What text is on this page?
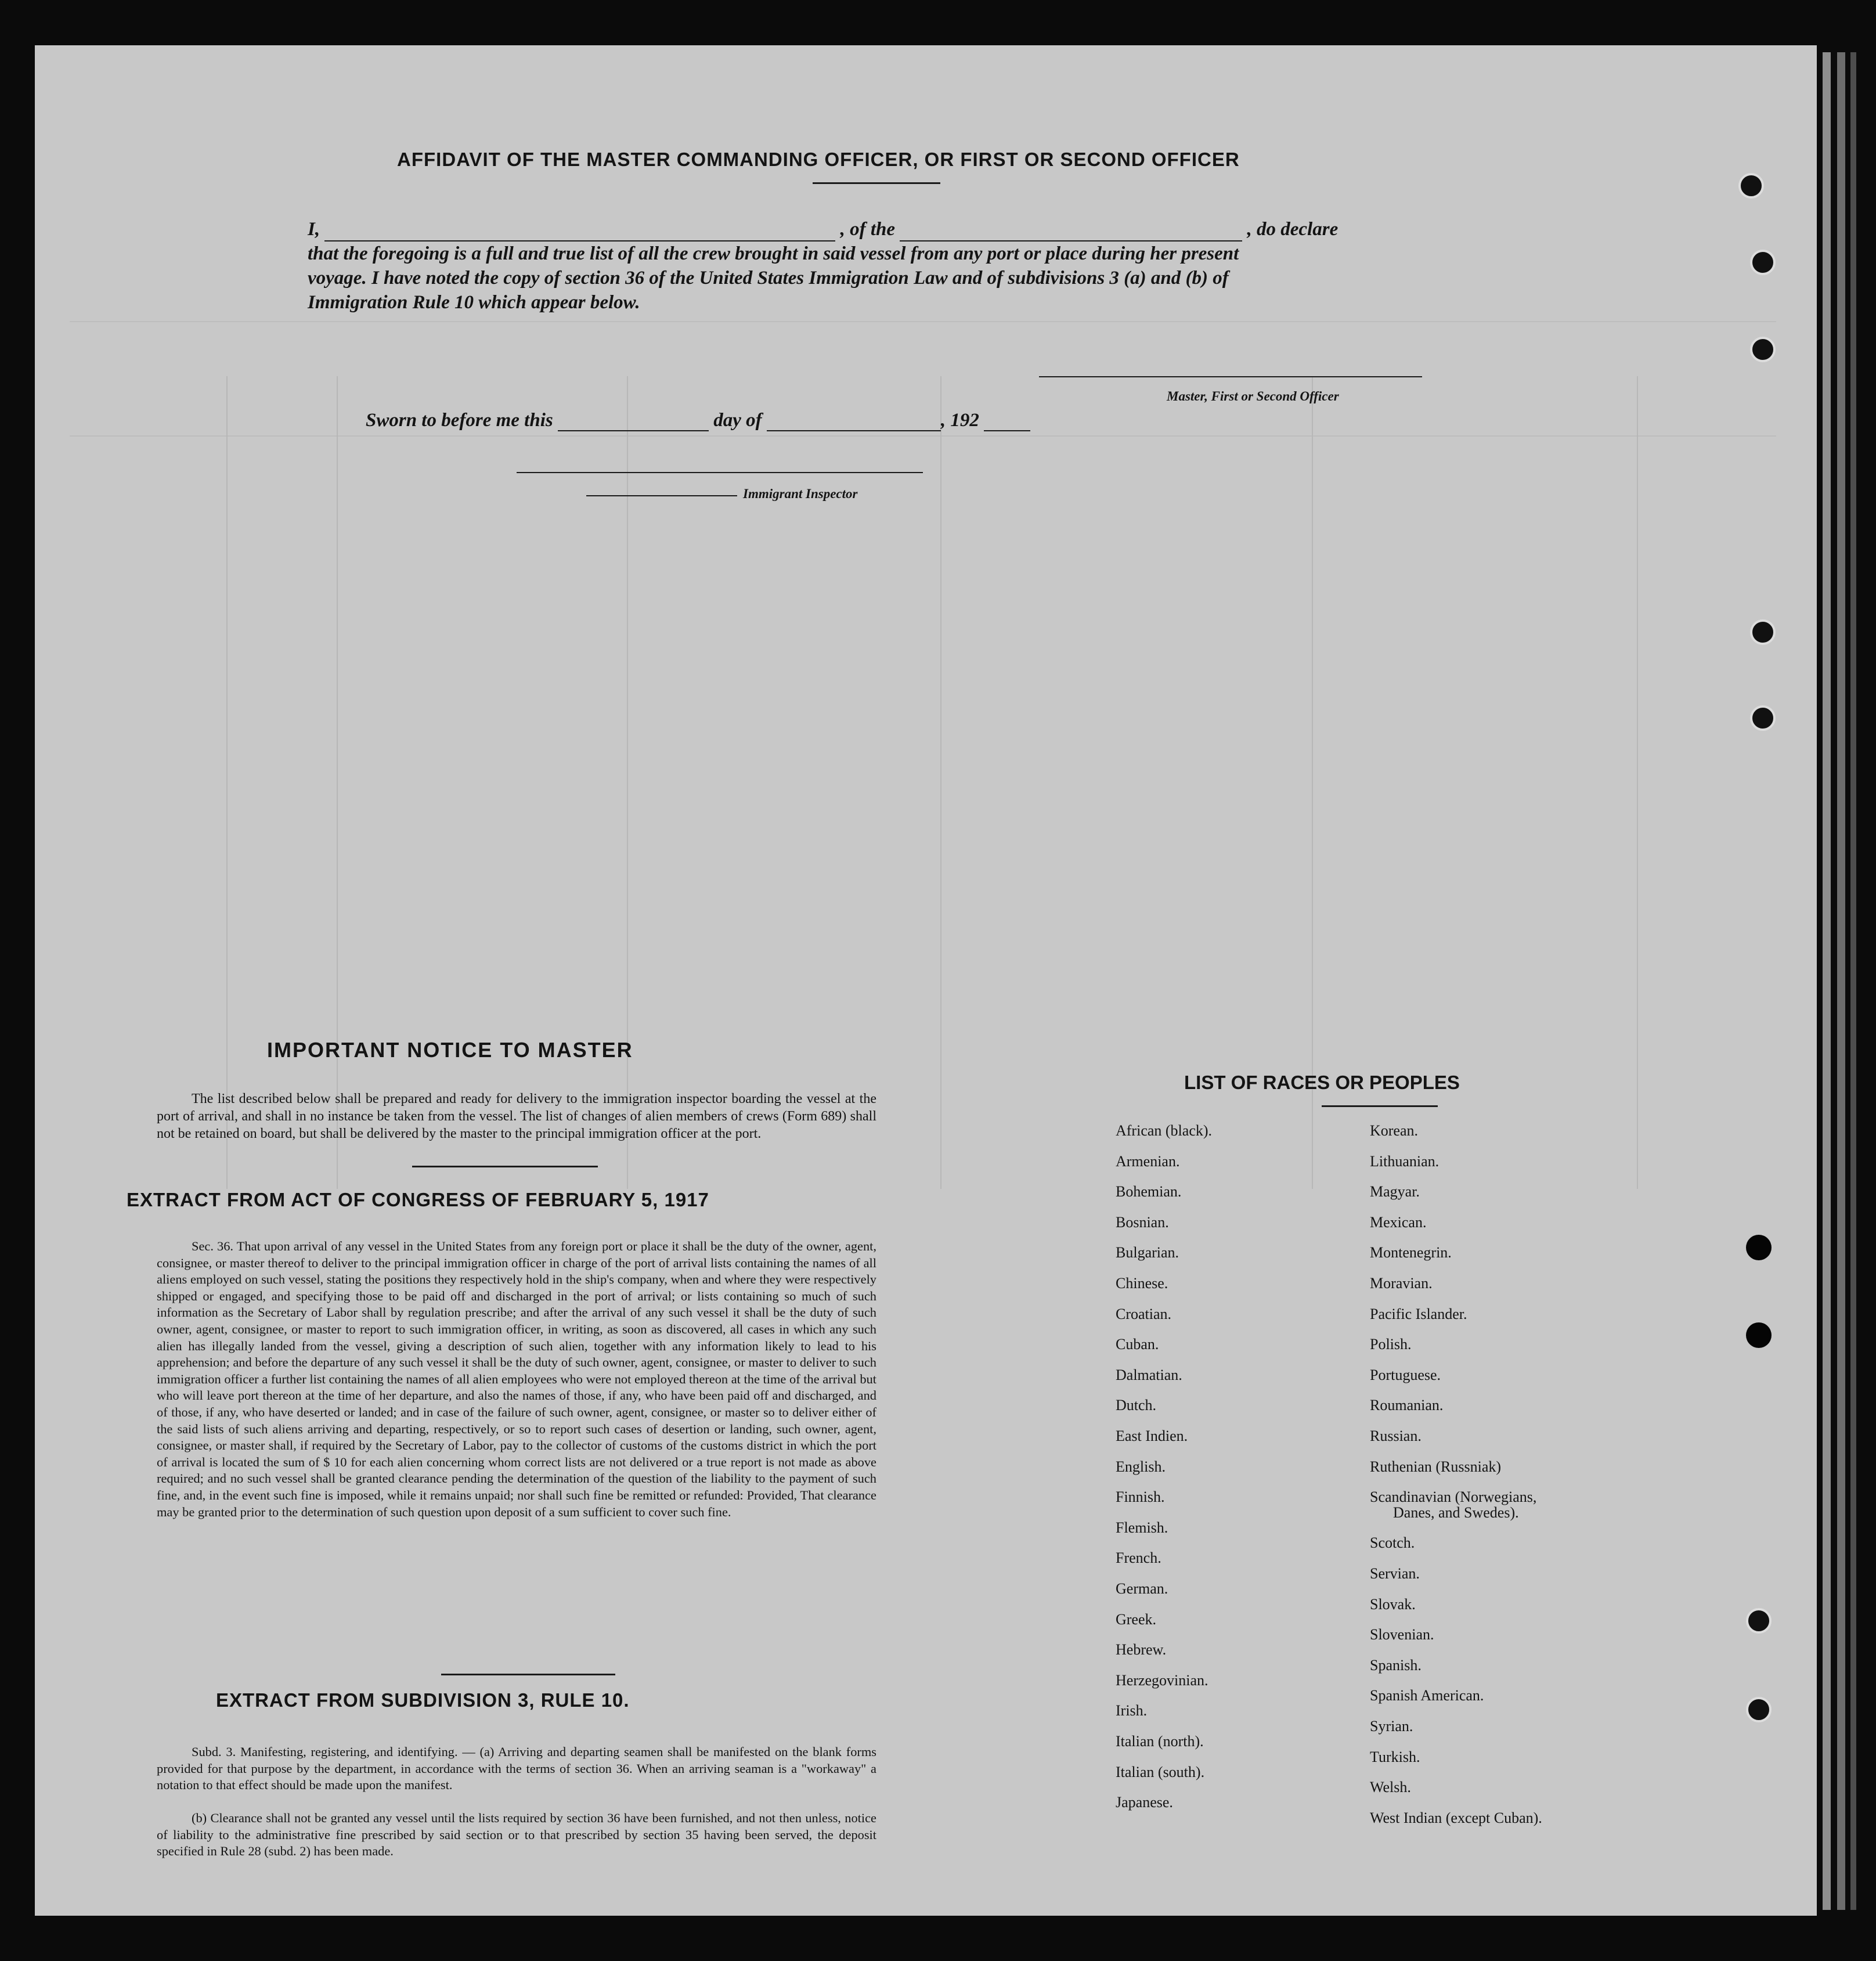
AFFIDAVIT OF THE MASTER COMMANDING OFFICER, OR FIRST OR SECOND OFFICER

I,	, of the	, do declare

that the foregoing is a full and true list of all the crew brought in said vessel from any port or place during her present

voyage. I have noted the copy of section 36 of the United States Immigration Law and of subdivisions 3 (a) and (b) of

Immigration Rule 10 which appear below.

Master, First or Second Officer
Sworn to before me this	day of	, 192
Immigrant Inspector
IMPORTANT NOTICE TO MASTER
The list described below shall be prepared and ready for delivery to the immigration inspector boarding the vessel at the port of arrival, and shall in no instance be taken from the vessel. The list of changes of alien members of crews (Form 689) shall not be retained on board, but shall be delivered by the master to the principal immigration officer at the port.
EXTRACT FROM ACT OF CONGRESS OF FEBRUARY 5, 1917
Sec. 36. That upon arrival of any vessel in the United States from any foreign port or place it shall be the duty of the owner, agent, consignee, or master thereof to deliver to the principal immigration officer in charge of the port of arrival lists containing the names of all aliens employed on such vessel, stating the positions they respectively hold in the ship's company, when and where they were respectively shipped or engaged, and specifying those to be paid off and discharged in the port of arrival; or lists containing so much of such information as the Secretary of Labor shall by regulation prescribe; and after the arrival of any such vessel it shall be the duty of such owner, agent, consignee, or master to report to such immigration officer, in writing, as soon as discovered, all cases in which any such alien has illegally landed from the vessel, giving a description of such alien, together with any information likely to lead to his apprehension; and before the departure of any such vessel it shall be the duty of such owner, agent, consignee, or master to deliver to such immigration officer a further list containing the names of all alien employees who were not employed thereon at the time of the arrival but who will leave port thereon at the time of her departure, and also the names of those, if any, who have been paid off and discharged, and of those, if any, who have deserted or landed; and in case of the failure of such owner, agent, consignee, or master so to deliver either of the said lists of such aliens arriving and departing, respectively, or so to report such cases of desertion or landing, such owner, agent, consignee, or master shall, if required by the Secretary of Labor, pay to the collector of customs of the customs district in which the port of arrival is located the sum of $ 10 for each alien concerning whom correct lists are not delivered or a true report is not made as above required; and no such vessel shall be granted clearance pending the determination of the question of the liability to the payment of such fine, and, in the event such fine is imposed, while it remains unpaid; nor shall such fine be remitted or refunded: Provided, That clearance may be granted prior to the determination of such question upon deposit of a sum sufficient to cover such fine.
EXTRACT FROM SUBDIVISION 3, RULE 10.
Subd. 3. Manifesting, registering, and identifying. — (a) Arriving and departing seamen shall be manifested on the blank forms provided for that purpose by the department, in accordance with the terms of section 36. When an arriving seaman is a "workaway" a notation to that effect should be made upon the manifest.
(b) Clearance shall not be granted any vessel until the lists required by section 36 have been furnished, and not then unless, notice of liability to the administrative fine prescribed by said section or to that prescribed by section 35 having been served, the deposit specified in Rule 28 (subd. 2) has been made.
LIST OF RACES OR PEOPLES
African (black).
Armenian.
Bohemian.
Bosnian.
Bulgarian.
Chinese.
Croatian.
Cuban.
Dalmatian.
Dutch.
East Indien.
English.
Finnish.
Flemish.
French.
German.
Greek.
Hebrew.
Herzegovinian.
Irish.
Italian (north).
Italian (south).
Japanese.
Korean.
Lithuanian.
Magyar.
Mexican.
Montenegrin.
Moravian.
Pacific Islander.
Polish.
Portuguese.
Roumanian.
Russian.
Ruthenian (Russniak)
Scandinavian (Norwegians,
Danes, and Swedes).
Scotch.
Servian.
Slovak.
Slovenian.
Spanish.
Spanish American.
Syrian.
Turkish.
Welsh.
West Indian (except Cuban).
